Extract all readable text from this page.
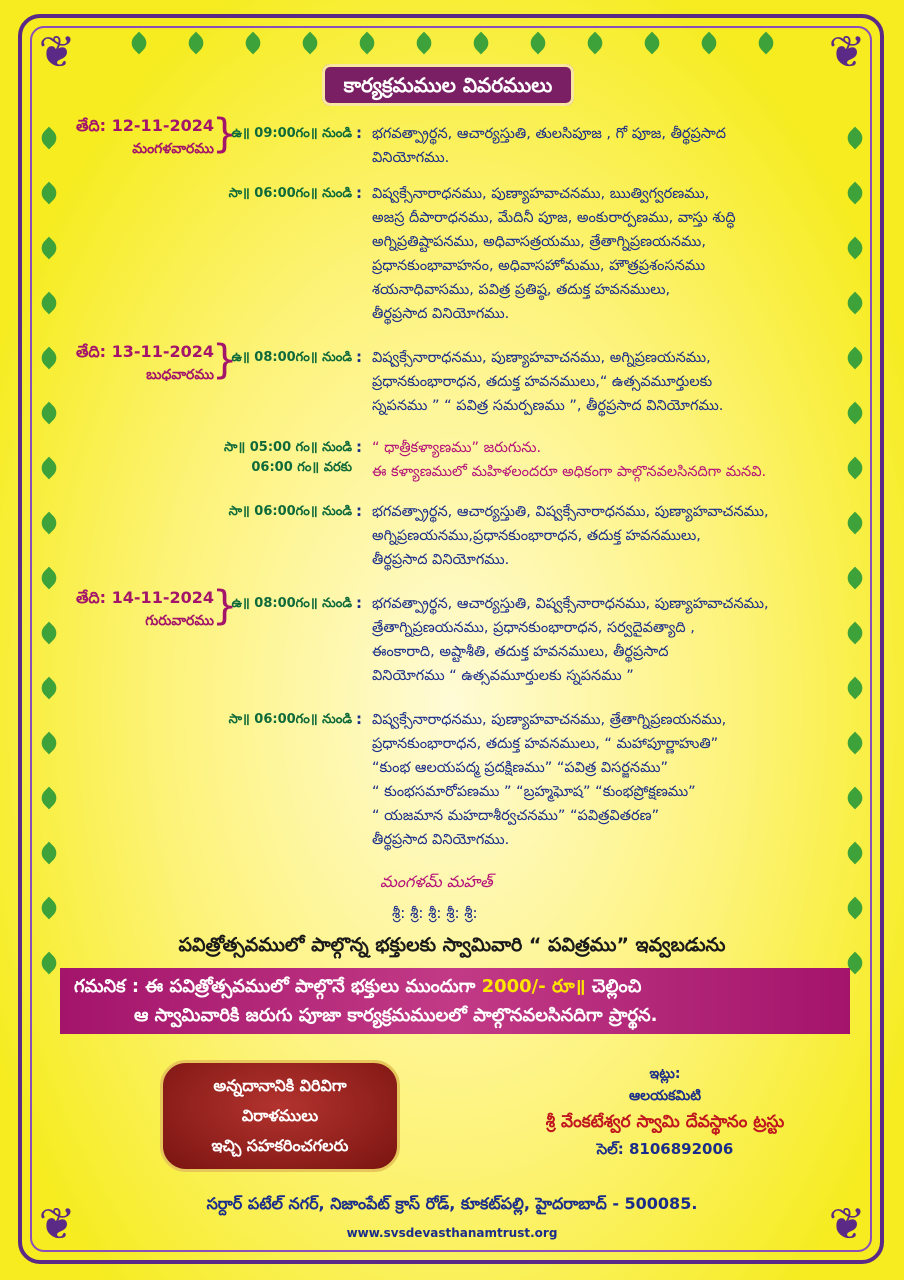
❦	❦
❦	❦
కార్యక్రమముల వివరములు
తేది: 12-11-2024
మంగళవారము
}
ఉ॥ 09:00గం॥ నుండి : భగవత్ప్రార్థన, ఆచార్యస్తుతి, తులసిపూజ , గో పూజ, తీర్థప్రసాద
వినియోగము.
సా॥ 06:00గం॥ నుండి : విష్వక్సేనారాధనము, పుణ్యాహవాచనము, ఋత్విగ్వరణము,
అజస్ర దీపారాధనము, మేదినీ పూజ, అంకురార్పణము, వాస్తు శుద్ధి
అగ్నిప్రతిష్టాపనము, అధివాసత్రయము, త్రేతాగ్నిప్రణయనము,
ప్రధానకుంభావాహనం, అధివాసహోమము, హౌత్రప్రశంసనము
శయనాధివాసము, పవిత్ర ప్రతిష్ఠ, తదుక్త హవనములు,
తీర్థప్రసాద వినియోగము.
తేది: 13-11-2024
బుధవారము
}
ఉ॥ 08:00గం॥ నుండి : విష్వక్సేనారాధనము, పుణ్యాహవాచనము, అగ్నిప్రణయనము,
ప్రధానకుంభారాధన, తదుక్త హవనములు,“ ఉత్సవమూర్తులకు
స్నపనము ” “ పవిత్ర సమర్పణము ”, తీర్థప్రసాద వినియోగము.
సా॥ 05:00 గం॥ నుండి
06:00 గం॥ వరకు
: “ ధాత్రీకళ్యాణము” జరుగును.
ఈ కళ్యాణములో మహిళలందరూ అధికంగా పాల్గొనవలసినదిగా మనవి.
సా॥ 06:00గం॥ నుండి : భగవత్ప్రార్థన, ఆచార్యస్తుతి, విష్వక్సేనారాధనము, పుణ్యాహవాచనము,
అగ్నిప్రణయనము,ప్రధానకుంభారాధన, తదుక్త హవనములు,
తీర్థప్రసాద వినియోగము.
తేది: 14-11-2024
గురువారము
}
ఉ॥ 08:00గం॥ నుండి : భగవత్ప్రార్థన, ఆచార్యస్తుతి, విష్వక్సేనారాధనము, పుణ్యాహవాచనము,
త్రేతాగ్నిప్రణయనము, ప్రధానకుంభారాధన, సర్వదైవత్యాది ,
ఈంకారాది, అష్టాశీతి, తదుక్త హవనములు, తీర్థప్రసాద
వినియోగము “ ఉత్సవమూర్తులకు స్నపనము ”
సా॥ 06:00గం॥ నుండి : విష్వక్సేనారాధనము, పుణ్యాహవాచనము, త్రేతాగ్నిప్రణయనము,
ప్రధానకుంభారాధన, తదుక్త హవనములు, “ మహాపూర్ణాహుతి”
“కుంభ ఆలయపద్మ ప్రదక్షిణము” “పవిత్ర విసర్జనము”
“ కుంభసమారోపణము ” “బ్రహ్మఘోష” “కుంభప్రోక్షణము”
“ యజమాన మహదాశీర్వచనము” “పవిత్రవితరణ”
తీర్థప్రసాద వినియోగము.
మంగళమ్ మహత్
శ్రీ: శ్రీ: శ్రీ: శ్రీ: శ్రీ:
పవిత్రోత్సవములో పాల్గొన్న భక్తులకు స్వామివారి “ పవిత్రము” ఇవ్వబడును
గమనిక : ఈ పవిత్రోత్సవములో పాల్గొనే భక్తులు ముందుగా 2000/- రూ॥ చెల్లించి
ఆ స్వామివారికి జరుగు పూజా కార్యక్రమములలో పాల్గొనవలసినదిగా ప్రార్థన.
అన్నదానానికి విరివిగా
విరాళములు
ఇచ్చి సహకరించగలరు
ఇట్లు:
ఆలయకమిటి
శ్రీ వేంకటేశ్వర స్వామి దేవస్థానం ట్రస్టు
సెల్: 8106892006
సర్దార్ పటేల్ నగర్, నిజాంపేట్ క్రాస్ రోడ్, కూకట్‌పల్లి, హైదరాబాద్ - 500085.
www.svsdevasthanamtrust.org
